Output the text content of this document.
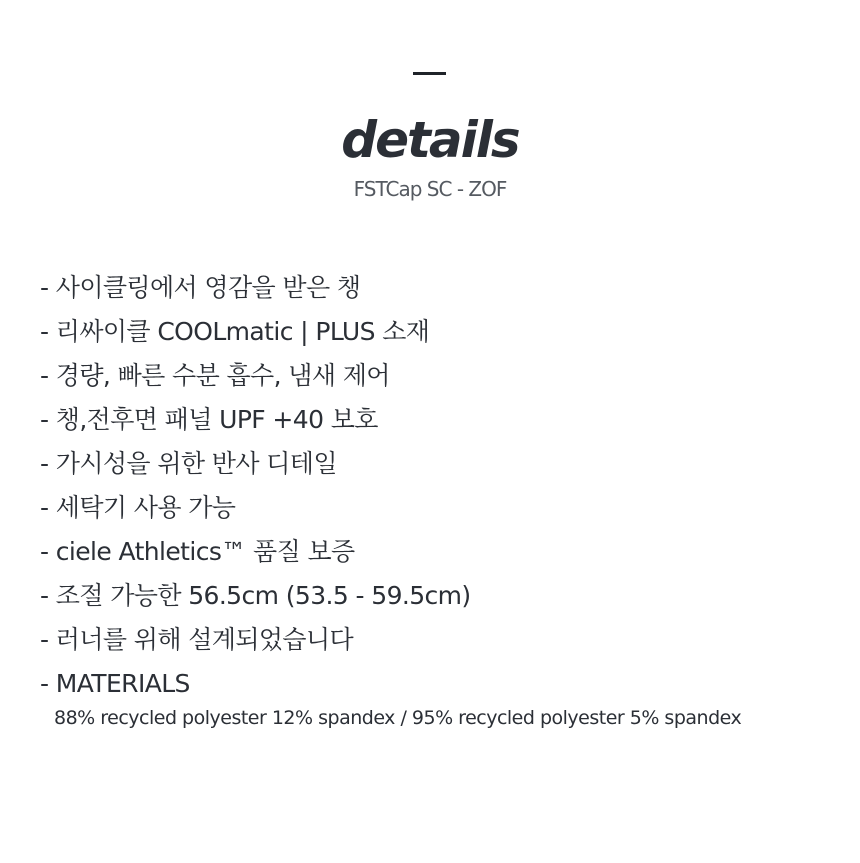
details
FSTCap SC - ZOF
- 사이클링에서 영감을 받은 챙
- 리싸이클 COOLmatic | PLUS 소재
- 경량, 빠른 수분 흡수, 냄새 제어
- 챙,전후면 패널 UPF +40 보호
- 가시성을 위한 반사 디테일
- 세탁기 사용 가능
- ciele Athletics™ 품질 보증
- 조절 가능한 56.5cm (53.5 - 59.5cm)
- 러너를 위해 설계되었습니다
- MATERIALS
88% recycled polyester 12% spandex / 95% recycled polyester 5% spandex
